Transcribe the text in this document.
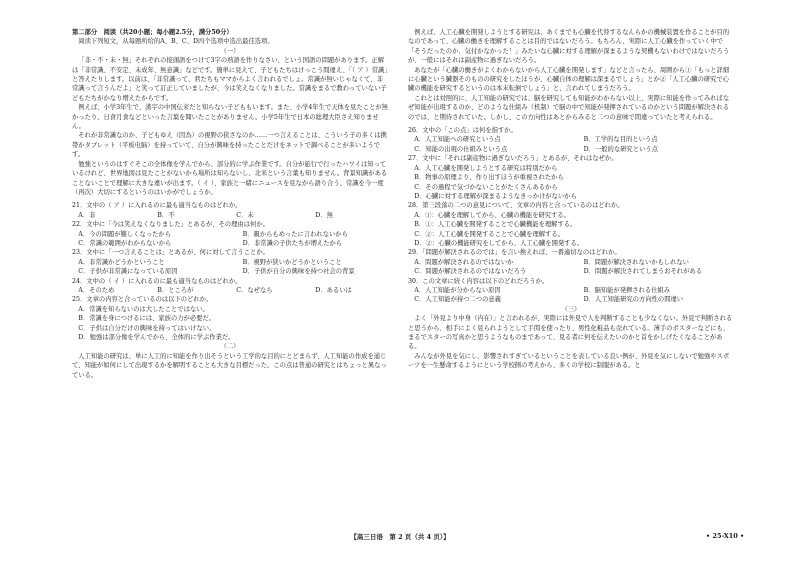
第二部分　阅读（共20小题；每小题2.5分，满分50分）

阅读下列短文，从每题所给的A、B、C、D四个选项中选出最佳选项。

（一）

「非・不・未・無」それぞれの接頭語をつけて3字の熟語を作りなさい、という国語の問題があります。正解は「非常識、不安定、未成年、無意識」などです。簡単に見えて、子どもたちはけっこう間違え、「（ ア ）常識」と答えたりします。以前は、「非常識って、君たちもママからよく言われるでしょ。常識が無いじゃなくて、非常識って言うんだよ」と笑って訂正していましたが、今は笑えなくなりました。常識をまるで教わっていない子どもたちがかなり増えたからです。

例えば、小学3年生で、漢字の中国伝来だと知らない子どももいます。また、小学4年生で天体を見たことが無かったり、日食月食などといった言葉を聞いたことがありません。小学5年生で日本の総理大臣さえ知りません。

それが非常識なのか、子どもゆえ（因為）の視野の狭さなのか……一つ言えることは、こういう子の多くは携帯かタブレット（平板电脑）を持っていて、自分が興味を持ったことだけをネットで調べることが多いようです。

勉強というのはすぐそこの全体像を学んでから、部分的に学ぶ作業です。自分が旅行で行ったハワイは知っているけれど、世界地図は見たことがないから場所は知らないし、北米という言葉も知りません。背景知識があることないことで理解に大きな違いが出ます。（ イ ）、家族と一緒にニュースを見ながら語り合う、常識を今一度（再次）大切にするというのはいかがでしょうか。

21．文中の（ ア ）に入れるのに最も適当なものはどれか。

A．非	B．不	C．未	D．無

22．文中に「今は笑えなくなりました」とあるが、その理由は何か。

A．今の問題が難しくなったから	B．親からもめったに言われないから
C．常識の範囲がわからないから	D．非常識の子供たちが増えたから

23．文中に「一つ言えることは」とあるが、何に対して言うことか。

A．非常識かどうかということ	B．視野が狭いかどうかということ
C．子供が非常識になっている原因	D．子供が自分の興味を持つ社会の背景

24．文中の（ イ ）に入れるのに最も適当なものはどれか。

A．そのため	B．ところが	C．なぜなら	D．あるいは

25．文章の内容と合っているのは以下のどれか。

A．常識を知らないのは大したことではない。

B．常識を身につけるには、家族の力が必要だ。

C．子供は自分だけの興味を持ってはいけない。

D．勉強は部分像を学んでから、全体的に学ぶ作業だ。

（二）

人工知能の研究は、単に人工的に知能を作り出そうという工学的な目的にとどまらず、人工知能の作成を通じて、知能が如何にして出現するかを解明することも大きな目標だった。この点は普通の研究とはちょっと異なっている。

例えば、人工心臓を開発しようとする研究は、あくまでも心臓を代替するなんらかの機械装置を作ることが目的なのであって、心臓の働きを理解することは目的ではないだろう。もちろん、実際に人工心臓を作っていく中で「そうだったのか、気付かなかった！」みたいな心臓に対する理解が深まるような契機もないわけではないだろうが、一般にはそれは副産物に過ぎないだろう。

あなたが「心臓の働きがよくわからないから人工心臓を開発します」などと言ったら、周囲から①「もっと詳細に心臓という臓器そのものの研究をしたほうが、心臓自体の理解は深まるでしょう」とか②「人工心臓の研究で心臓の機能を研究するというのは本末転倒でしょう」と、言われてしまうだろう。

これとは対照的に、人工知能の研究では、脳を研究しても知能がわからない以上、実際に知能を作ってみればなぜ知能が出現するのか、どのような仕組み（机制）で脳の中で知能が発揮されているのかという問題が解決されるのでは、と期待されていた。しかし、この方向性はあとからみると二つの意味で間違っていたと考えられる。

26．文中の「この点」は何を指すか。

A．人工知能への研究という点	B．工学的な目的という点
C．知能の出現の仕組みという点	D．一般的な研究という点

27．文中に「それは副産物に過ぎないだろう」とあるが、それはなぜか。

A．人工心臓を開発しようとする研究は特別だから

B．物事の原理より、作り出すほうが重視されたから

C．その過程で気づかないことがたくさんあるから

D．心臓に対する理解が深まるようなきっかけがないから

28．第三段落の二つの意見について、文章の内容と合っているのはどれか。

A．①：心臓を理解してから、心臓の機能を研究する。

B．①：人工心臓を開発することで心臓機能を理解する。

C．②：人工心臓を開発することで心臓を理解する。

D．②：心臓の機能研究をしてから、人工心臓を開発する。

29．「問題が解決されるのでは」を言い換えれば、一番適切なのはどれか。

A．問題が解決されるのではないか	B．問題が解決されないかもしれない
C．問題が解決されるのではないだろう	D．問題が解決されてしまうおそれがある

30．この文章に続く内容は以下のどれだろうか。

A．人工知能が分からない原因	B．脳知能が発揮される仕組み
C．人工知能が持つ二つの意義	D．人工知能研究の方向性の間違い

（三）

よく「外見より中身（内在）」と言われるが、実際には外見で人を判断することも少なくない。外見で判断されると思うから、相手によく見られようとして手間を使ったり、男性化粧品も売れている。薄手のポスターなどにも、まるでスターの写真かと思うようなものまであって、見る者に何を伝えたいのかと首をかしげたくなることがある。

みんなが外見を気にし、影響されすぎているということを表している良い例が、外見を気にしないで勉強やスポーツを一生懸命するようにという学校側の考えから、多くの学校に制服がある。と

【高三日语　第 2 页（共 4 页）】	• 25-X10 •
